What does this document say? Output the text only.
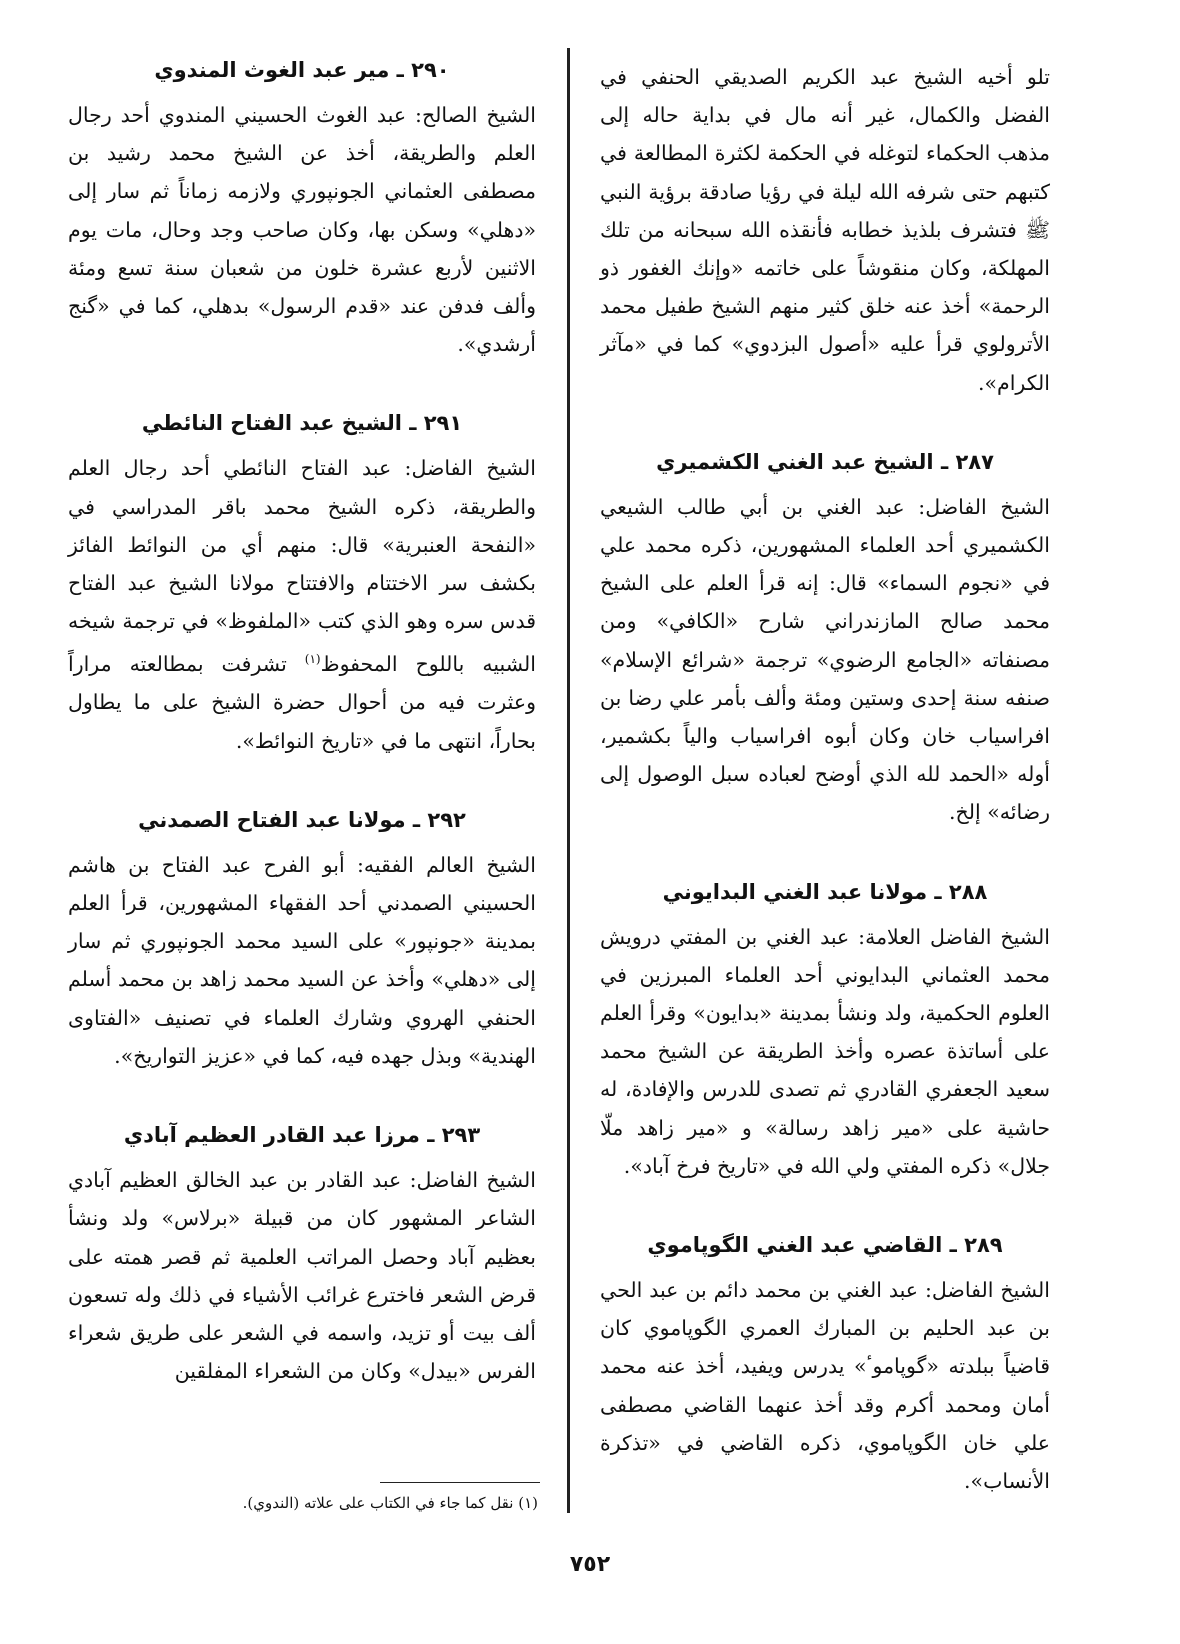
تلو أخيه الشيخ عبد الكريم الصديقي الحنفي في الفضل والكمال، غير أنه مال في بداية حاله إلى مذهب الحكماء لتوغله في الحكمة لكثرة المطالعة في كتبهم حتى شرفه الله ليلة في رؤيا صادقة برؤية النبي ﷺ فتشرف بلذيذ خطابه فأنقذه الله سبحانه من تلك المهلكة، وكان منقوشاً على خاتمه «وإنك الغفور ذو الرحمة» أخذ عنه خلق كثير منهم الشيخ طفيل محمد الأترولوي قرأ عليه «أصول البزدوي» كما في «مآثر الكرام».

٢٨٧ ـ الشيخ عبد الغني الكشميري

الشيخ الفاضل: عبد الغني بن أبي طالب الشيعي الكشميري أحد العلماء المشهورين، ذكره محمد علي في «نجوم السماء» قال: إنه قرأ العلم على الشيخ محمد صالح المازندراني شارح «الكافي» ومن مصنفاته «الجامع الرضوي» ترجمة «شرائع الإسلام» صنفه سنة إحدى وستين ومئة وألف بأمر علي رضا بن افراسياب خان وكان أبوه افراسياب والياً بكشمير، أوله «الحمد لله الذي أوضح لعباده سبل الوصول إلى رضائه» إلخ.

٢٨٨ ـ مولانا عبد الغني البدايوني

الشيخ الفاضل العلامة: عبد الغني بن المفتي درويش محمد العثماني البدايوني أحد العلماء المبرزين في العلوم الحكمية، ولد ونشأ بمدينة «بدايون» وقرأ العلم على أساتذة عصره وأخذ الطريقة عن الشيخ محمد سعيد الجعفري القادري ثم تصدى للدرس والإفادة، له حاشية على «مير زاهد رسالة» و «مير زاهد ملّا جلال» ذكره المفتي ولي الله في «تاريخ فرخ آباد».

٢٨٩ ـ القاضي عبد الغني الگوپاموي

الشيخ الفاضل: عبد الغني بن محمد دائم بن عبد الحي بن عبد الحليم بن المبارك العمري الگوپاموي كان قاضياً ببلدته «گوپاموٴ» يدرس ويفيد، أخذ عنه محمد أمان ومحمد أكرم وقد أخذ عنهما القاضي مصطفى علي خان الگوپاموي، ذكره القاضي في «تذكرة الأنساب».

٢٩٠ ـ مير عبد الغوث المندوي

الشيخ الصالح: عبد الغوث الحسيني المندوي أحد رجال العلم والطريقة، أخذ عن الشيخ محمد رشيد بن مصطفى العثماني الجونپوري ولازمه زماناً ثم سار إلى «دهلي» وسكن بها، وكان صاحب وجد وحال، مات يوم الاثنين لأربع عشرة خلون من شعبان سنة تسع ومئة وألف فدفن عند «قدم الرسول» بدهلي، كما في «گنج أرشدي».

٢٩١ ـ الشيخ عبد الفتاح النائطي

الشيخ الفاضل: عبد الفتاح النائطي أحد رجال العلم والطريقة، ذكره الشيخ محمد باقر المدراسي في «النفحة العنبرية» قال: منهم أي من النوائط الفائز بكشف سر الاختتام والافتتاح مولانا الشيخ عبد الفتاح قدس سره وهو الذي كتب «الملفوظ» في ترجمة شيخه الشبيه باللوح المحفوظ$^{(١)}$ تشرفت بمطالعته مراراً وعثرت فيه من أحوال حضرة الشيخ على ما يطاول بحاراً، انتهى ما في «تاريخ النوائط».

٢٩٢ ـ مولانا عبد الفتاح الصمدني

الشيخ العالم الفقيه: أبو الفرح عبد الفتاح بن هاشم الحسيني الصمدني أحد الفقهاء المشهورين، قرأ العلم بمدينة «جونپور» على السيد محمد الجونپوري ثم سار إلى «دهلي» وأخذ عن السيد محمد زاهد بن محمد أسلم الحنفي الهروي وشارك العلماء في تصنيف «الفتاوى الهندية» وبذل جهده فيه، كما في «عزيز التواريخ».

٢٩٣ ـ مرزا عبد القادر العظيم آبادي

الشيخ الفاضل: عبد القادر بن عبد الخالق العظيم آبادي الشاعر المشهور كان من قبيلة «برلاس» ولد ونشأ بعظيم آباد وحصل المراتب العلمية ثم قصر همته على قرض الشعر فاخترع غرائب الأشياء في ذلك وله تسعون ألف بيت أو تزيد، واسمه في الشعر على طريق شعراء الفرس «بيدل» وكان من الشعراء المفلقين

(١) نقل كما جاء في الكتاب على علاته (الندوي).
٧٥٢
